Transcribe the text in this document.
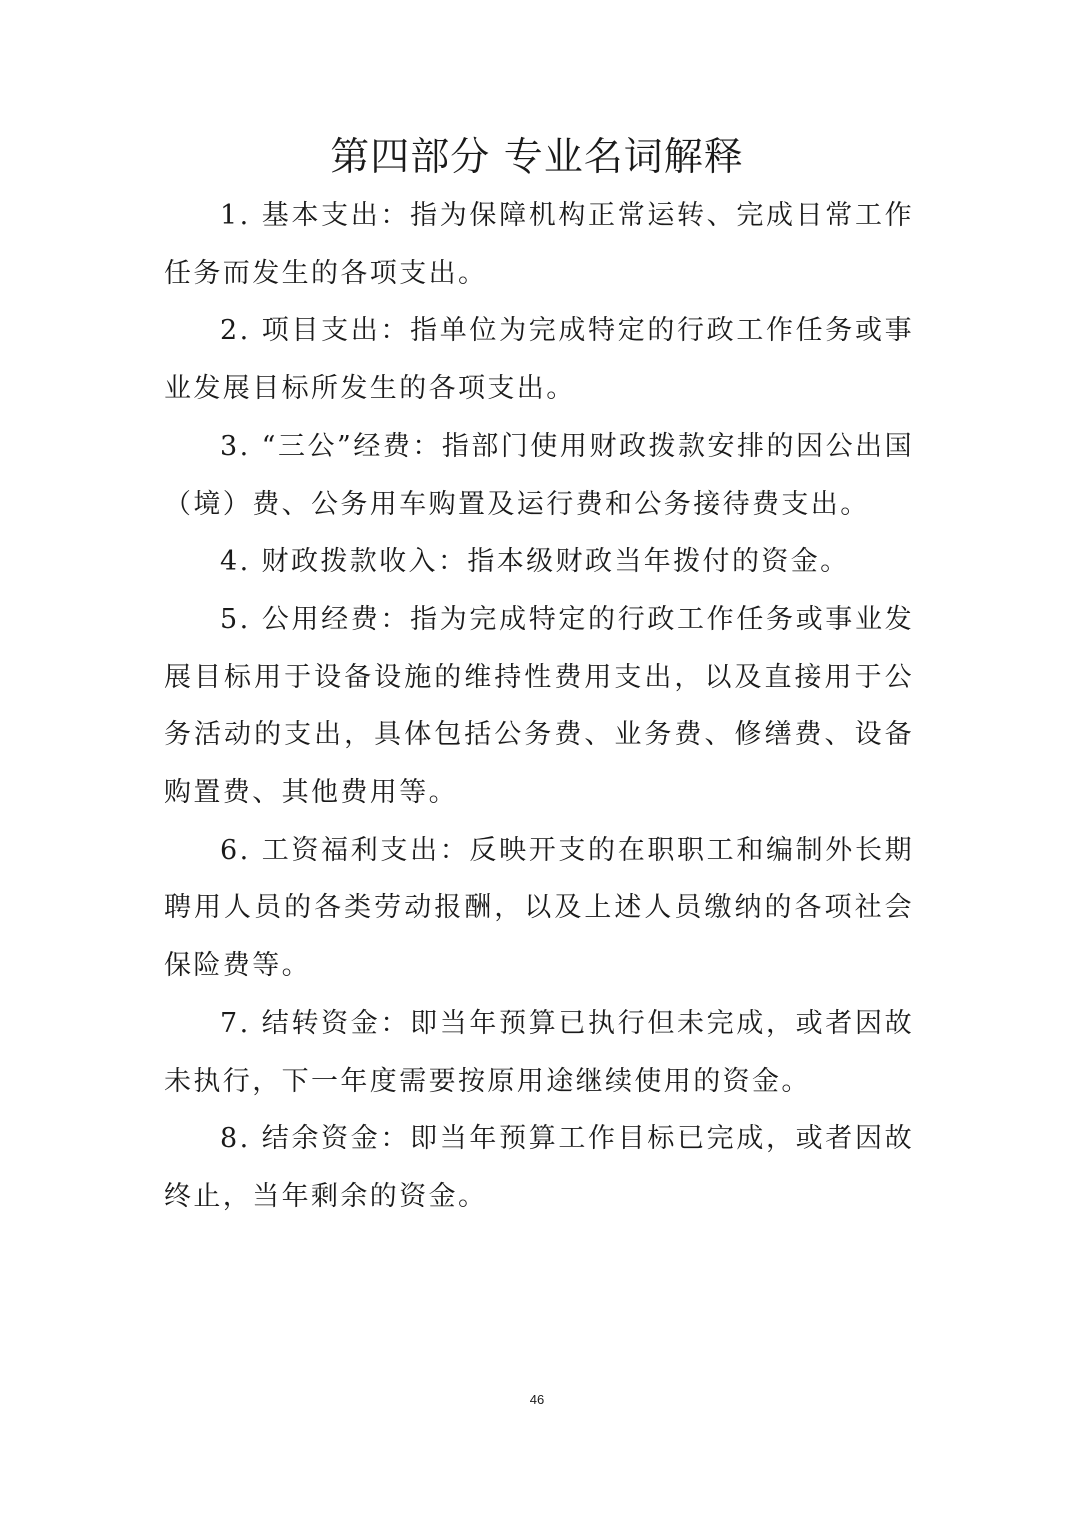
第四部分 专业名词解释

1. 基本支出：指为保障机构正常运转、完成日常工作任务而发生的各项支出。

2. 项目支出：指单位为完成特定的行政工作任务或事业发展目标所发生的各项支出。

3. “三公”经费：指部门使用财政拨款安排的因公出国（境）费、公务用车购置及运行费和公务接待费支出。

4. 财政拨款收入：指本级财政当年拨付的资金。

5. 公用经费：指为完成特定的行政工作任务或事业发展目标用于设备设施的维持性费用支出，以及直接用于公务活动的支出，具体包括公务费、业务费、修缮费、设备购置费、其他费用等。

6. 工资福利支出：反映开支的在职职工和编制外长期聘用人员的各类劳动报酬，以及上述人员缴纳的各项社会保险费等。

7. 结转资金：即当年预算已执行但未完成，或者因故未执行，下一年度需要按原用途继续使用的资金。

8. 结余资金：即当年预算工作目标已完成，或者因故终止，当年剩余的资金。

46
